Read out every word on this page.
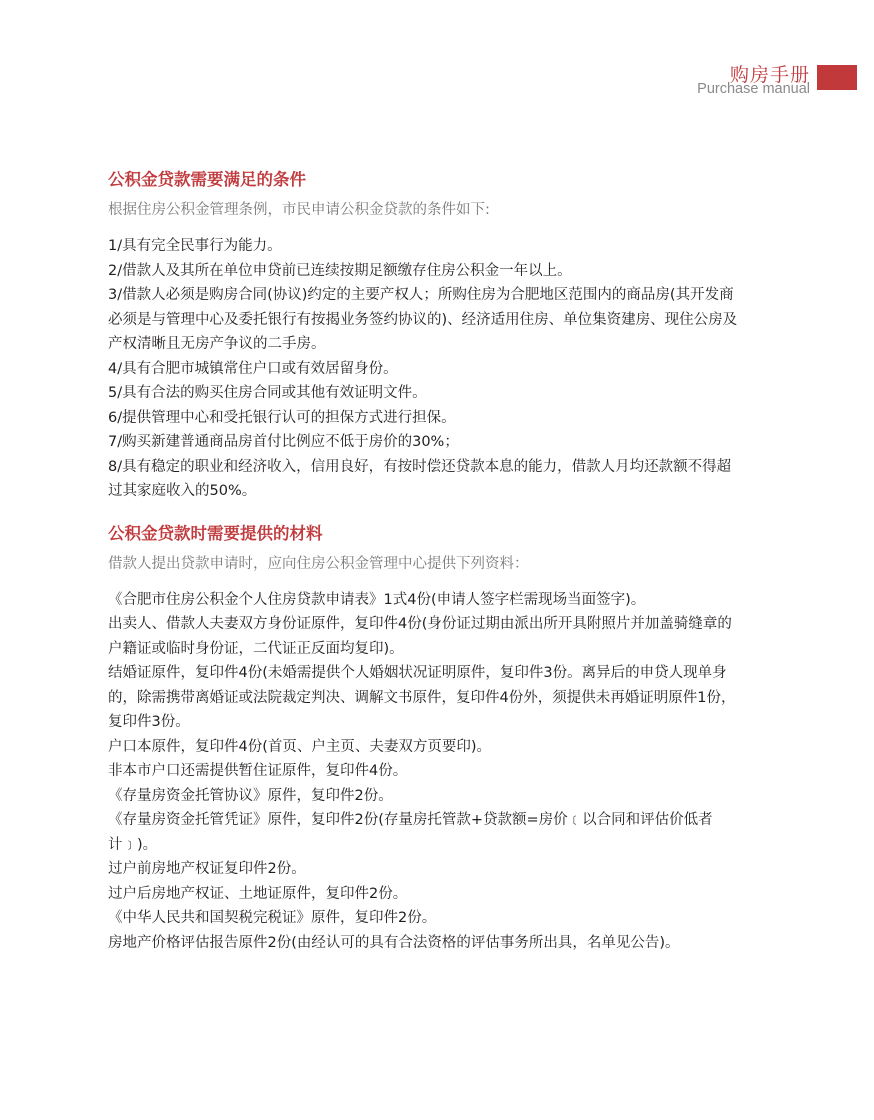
购房手册
Purchase manual
公积金贷款需要满足的条件

根据住房公积金管理条例，市民申请公积金贷款的条件如下:

1/具有完全民事行为能力。
2/借款人及其所在单位申贷前已连续按期足额缴存住房公积金一年以上。
3/借款人必须是购房合同(协议)约定的主要产权人；所购住房为合肥地区范围内的商品房(其开发商必须是与管理中心及委托银行有按揭业务签约协议的)、经济适用住房、单位集资建房、现住公房及产权清晰且无房产争议的二手房。
4/具有合肥市城镇常住户口或有效居留身份。
5/具有合法的购买住房合同或其他有效证明文件。
6/提供管理中心和受托银行认可的担保方式进行担保。
7/购买新建普通商品房首付比例应不低于房价的30%；
8/具有稳定的职业和经济收入，信用良好，有按时偿还贷款本息的能力，借款人月均还款额不得超过其家庭收入的50%。
公积金贷款时需要提供的材料

借款人提出贷款申请时，应向住房公积金管理中心提供下列资料：

《合肥市住房公积金个人住房贷款申请表》1式4份(申请人签字栏需现场当面签字)。
出卖人、借款人夫妻双方身份证原件，复印件4份(身份证过期由派出所开具附照片并加盖骑缝章的户籍证或临时身份证，二代证正反面均复印)。
结婚证原件，复印件4份(未婚需提供个人婚姻状况证明原件，复印件3份。离异后的申贷人现单身的，除需携带离婚证或法院裁定判决、调解文书原件，复印件4份外，须提供未再婚证明原件1份，复印件3份。
户口本原件，复印件4份(首页、户主页、夫妻双方页要印)。
非本市户口还需提供暂住证原件，复印件4份。
《存量房资金托管协议》原件，复印件2份。
《存量房资金托管凭证》原件，复印件2份(存量房托管款+贷款额=房价﹝以合同和评估价低者计﹞)。
过户前房地产权证复印件2份。
过户后房地产权证、土地证原件，复印件2份。
《中华人民共和国契税完税证》原件，复印件2份。
房地产价格评估报告原件2份(由经认可的具有合法资格的评估事务所出具，名单见公告)。
